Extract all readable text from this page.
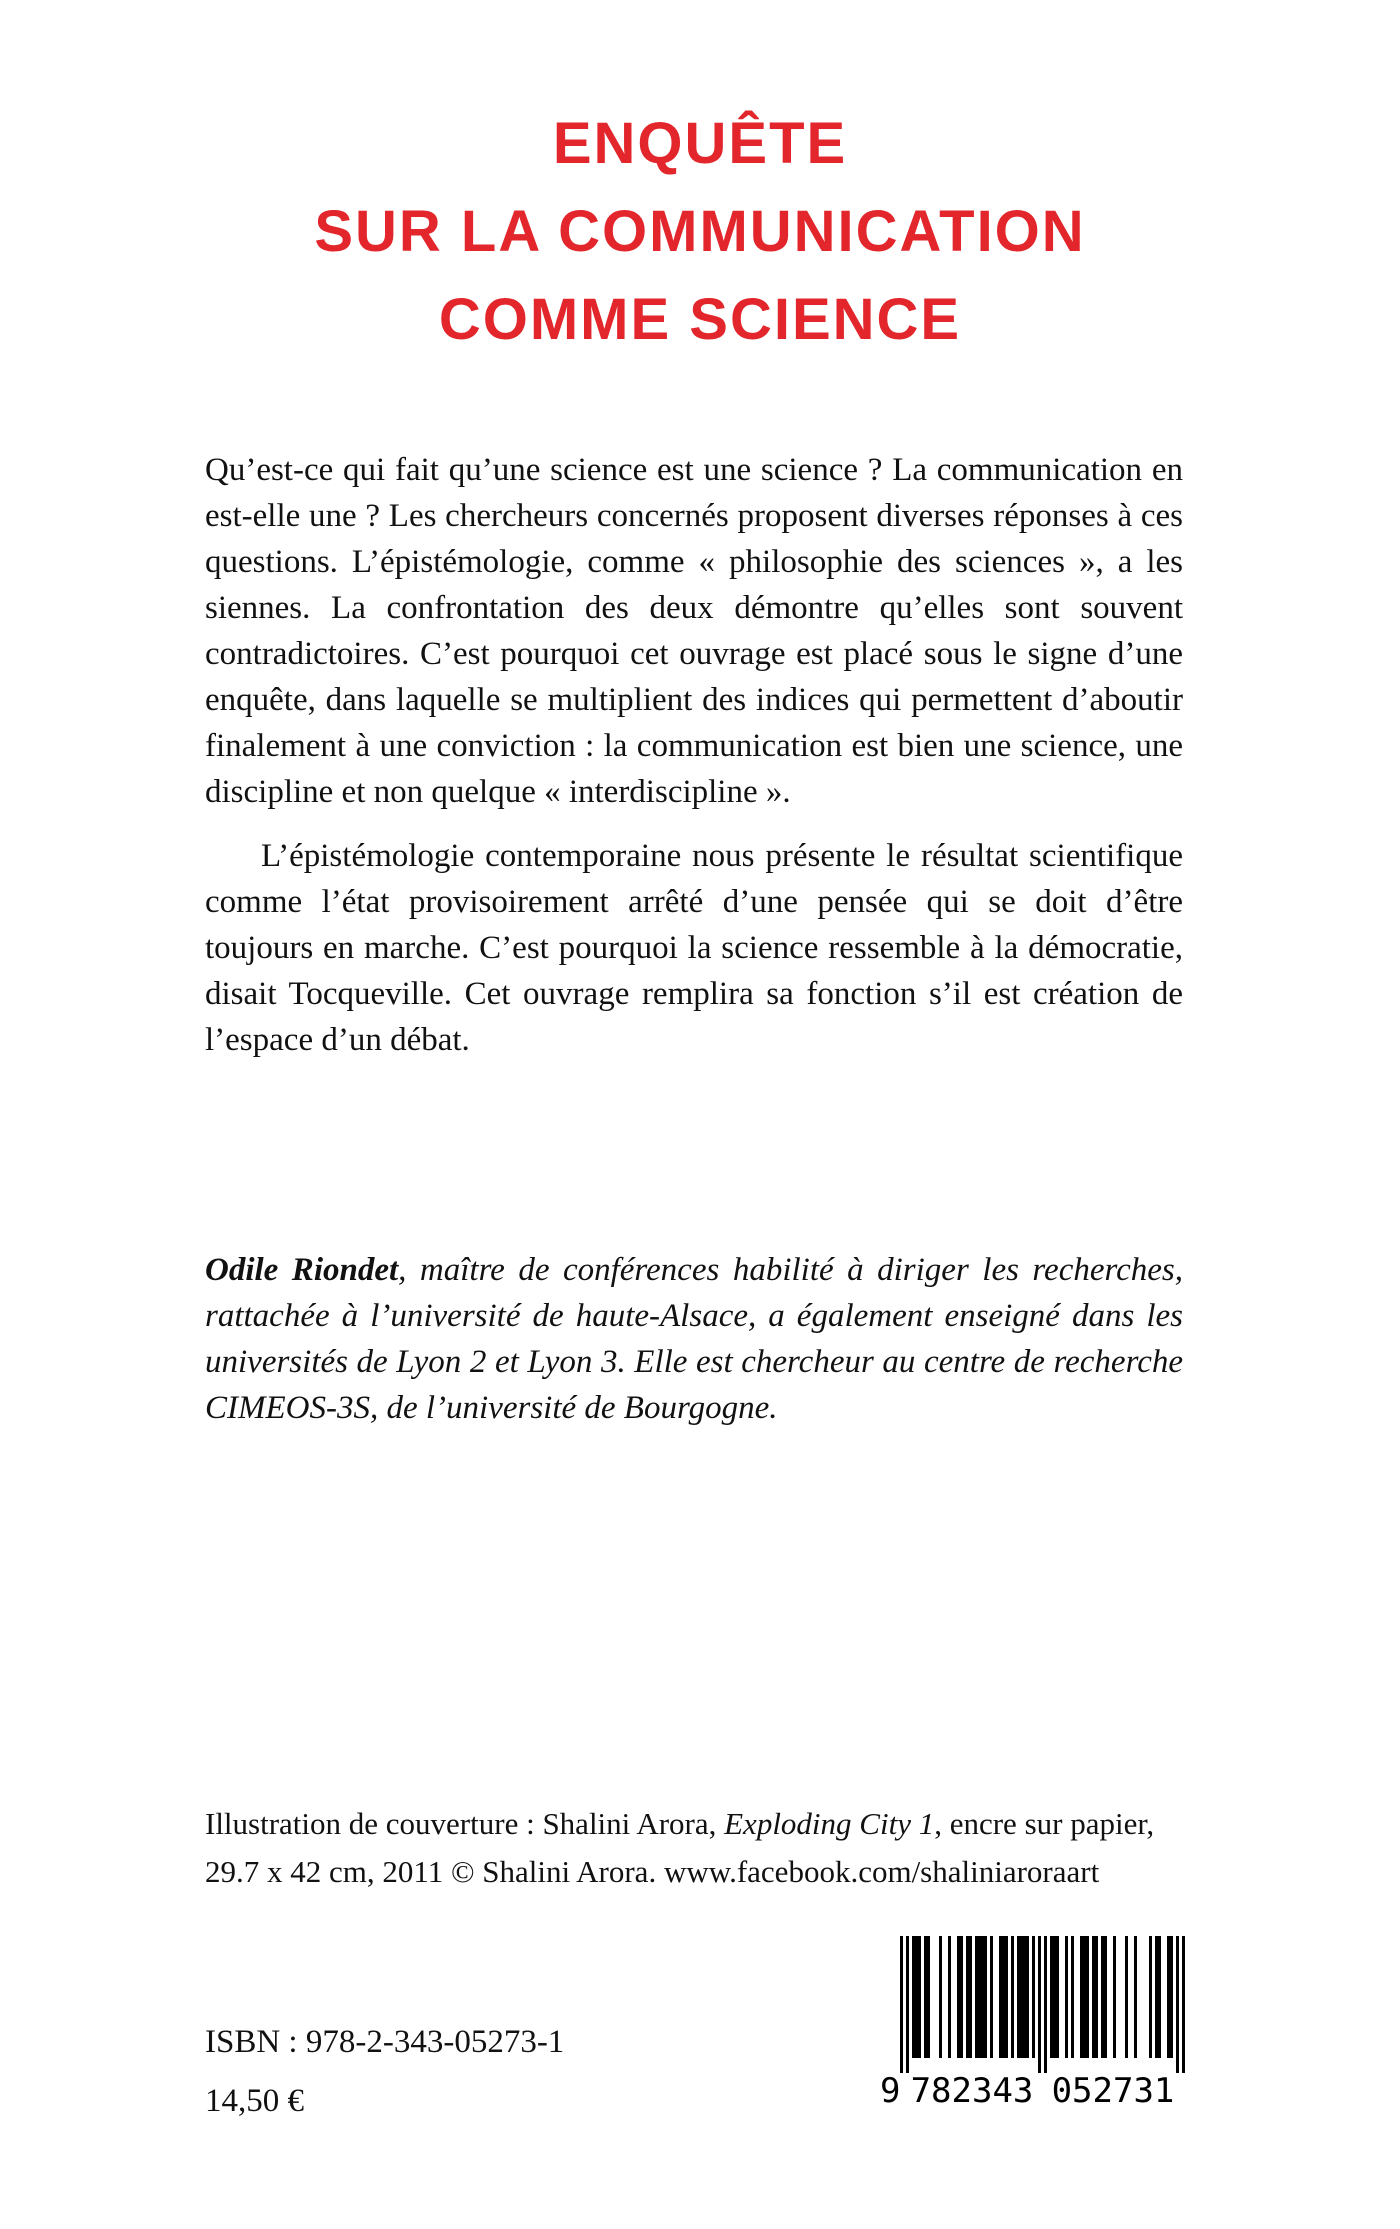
ENQUÊTE
SUR LA COMMUNICATION
COMME SCIENCE

Qu’est-ce qui fait qu’une science est une science ? La communication en est-elle une ? Les chercheurs concernés proposent diverses réponses à ces questions. L’épistémologie, comme « philosophie des sciences », a les siennes. La confrontation des deux démontre qu’elles sont souvent contradictoires. C’est pourquoi cet ouvrage est placé sous le signe d’une enquête, dans laquelle se multiplient des indices qui permettent d’aboutir finalement à une conviction : la communication est bien une science, une discipline et non quelque « interdiscipline ».

L’épistémologie contemporaine nous présente le résultat scientifique comme l’état provisoirement arrêté d’une pensée qui se doit d’être toujours en marche. C’est pourquoi la science ressemble à la démocratie, disait Tocqueville. Cet ouvrage remplira sa fonction s’il est création de l’espace d’un débat.

Odile Riondet, maître de conférences habilité à diriger les recherches, rattachée à l’université de haute-Alsace, a également enseigné dans les universités de Lyon 2 et Lyon 3. Elle est chercheur au centre de recherche CIMEOS-3S, de l’université de Bourgogne.

Illustration de couverture : Shalini Arora, Exploding City 1, encre sur papier, 29.7 x 42 cm, 2011 © Shalini Arora. www.facebook.com/shaliniaroraart

ISBN : 978-2-343-05273-1
14,50 €	9 782343 052731
